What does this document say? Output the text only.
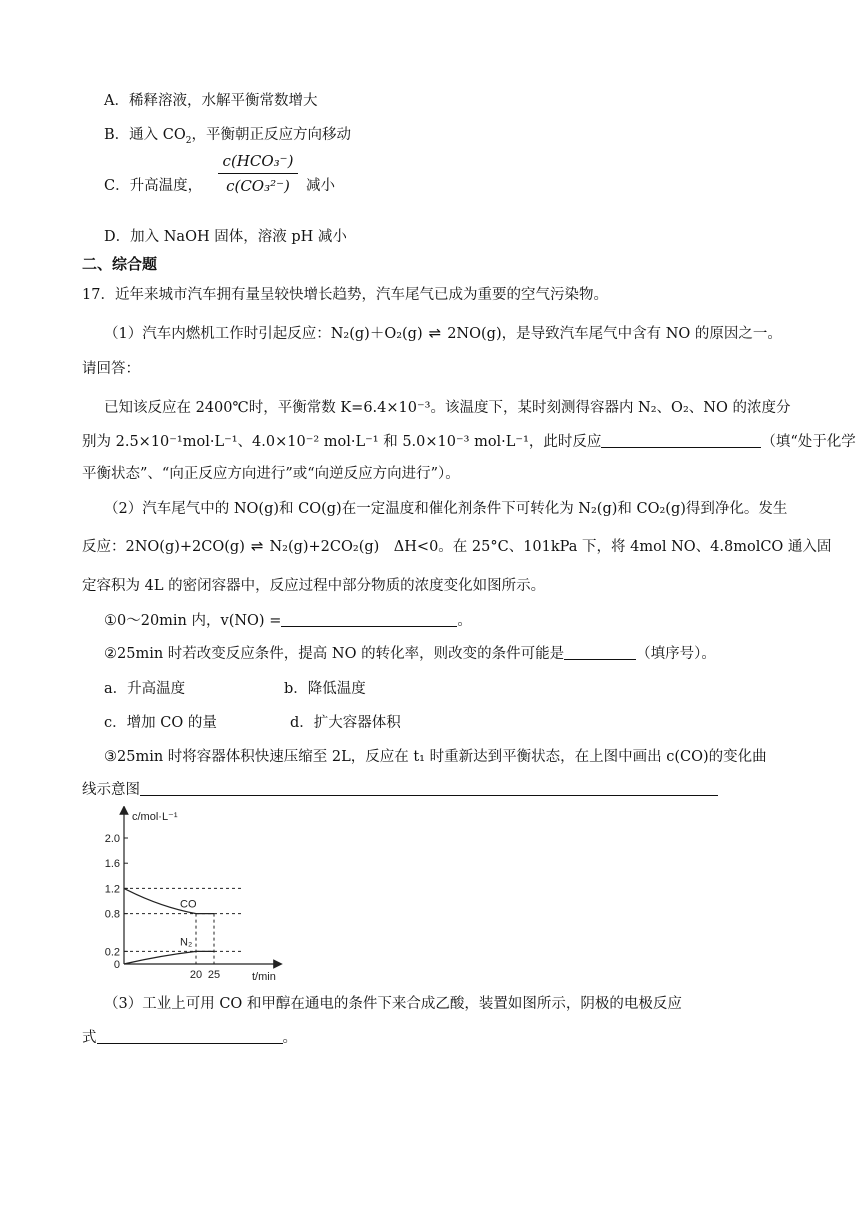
A．稀释溶液，水解平衡常数增大
B．通入 $CO_2$，平衡朝正反应方向移动
C．升高温度，
c(HCO₃⁻)
c(CO₃²⁻)	减小
D．加入 NaOH 固体，溶液 pH 减小
二、综合题
17．近年来城市汽车拥有量呈较快增长趋势，汽车尾气已成为重要的空气污染物。
（1）汽车内燃机工作时引起反应：N₂(g)＋O₂(g) ⇌ 2NO(g)，是导致汽车尾气中含有 NO 的原因之一。
请回答：
已知该反应在 2400℃时，平衡常数 K=6.4×10⁻³。该温度下，某时刻测得容器内 N₂、O₂、NO 的浓度分
别为 2.5×10⁻¹mol·L⁻¹、4.0×10⁻² mol·L⁻¹ 和 5.0×10⁻³ mol·L⁻¹，此时反应	（填“处于化学
平衡状态”、“向正反应方向进行”或“向逆反应方向进行”）。
（2）汽车尾气中的 NO(g)和 CO(g)在一定温度和催化剂条件下可转化为 N₂(g)和 CO₂(g)得到净化。发生
反应：2NO(g)+2CO(g) ⇌ N₂(g)+2CO₂(g)　ΔH<0。在 25°C、101kPa 下，将 4mol NO、4.8molCO 通入固
定容积为 4L 的密闭容器中，反应过程中部分物质的浓度变化如图所示。
①0～20min 内，v(NO) =	。
②25min 时若改变反应条件，提高 NO 的转化率，则改变的条件可能是	（填序号）。
a．升高温度	b．降低温度
c．增加 CO 的量	d．扩大容器体积
③25min 时将容器体积快速压缩至 2L，反应在 t₁ 时重新达到平衡状态，在上图中画出 c(CO)的变化曲
线示意图
c/mol·L⁻¹
t/min
2.0
1.6
1.2
0.8
0.2
0
20 25
CO
N₂
（3）工业上可用 CO 和甲醇在通电的条件下来合成乙酸，装置如图所示，阴极的电极反应
式	。
